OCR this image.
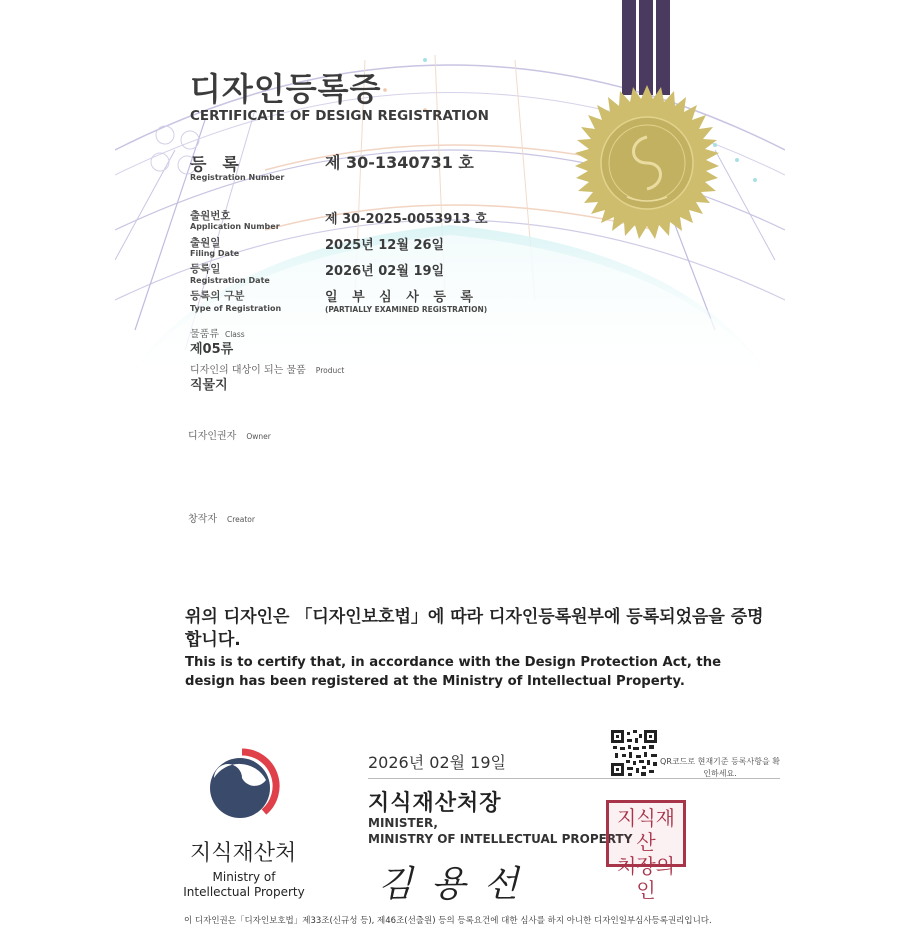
디자인등록증
CERTIFICATE OF DESIGN REGISTRATION
등 록
Registration Number
제 30-1340731 호
출원번호
Application Number	제 30-2025-0053913 호
출원일
Filing Date
2025년 12월 26일
등록일
Registration Date
2026년 02월 19일
등록의 구분
Type of Registration
일 부 심 사 등 록
(PARTIALLY EXAMINED REGISTRATION)
물품류 Class
제05류
디자인의 대상이 되는 물품 Product
직물지
디자인권자 Owner
창작자 Creator
위의 디자인은 「디자인보호법」에 따라 디자인등록원부에 등록되었음을 증명합니다.
This is to certify that, in accordance with the Design Protection Act, the design has been registered at the Ministry of Intellectual Property.
지식재산처
Ministry of Intellectual Property
2026년 02월 19일	QR코드로 현재기준 등록사항을 확인하세요.
지식재산처장
MINISTER,
MINISTRY OF INTELLECTUAL PROPERTY
지식재산
처장의인
김용선
이 디자인권은「디자인보호법」제33조(신규성 등), 제46조(선출원) 등의 등록요건에 대한 심사를 하지 아니한 디자인일부심사등록권리입니다.
